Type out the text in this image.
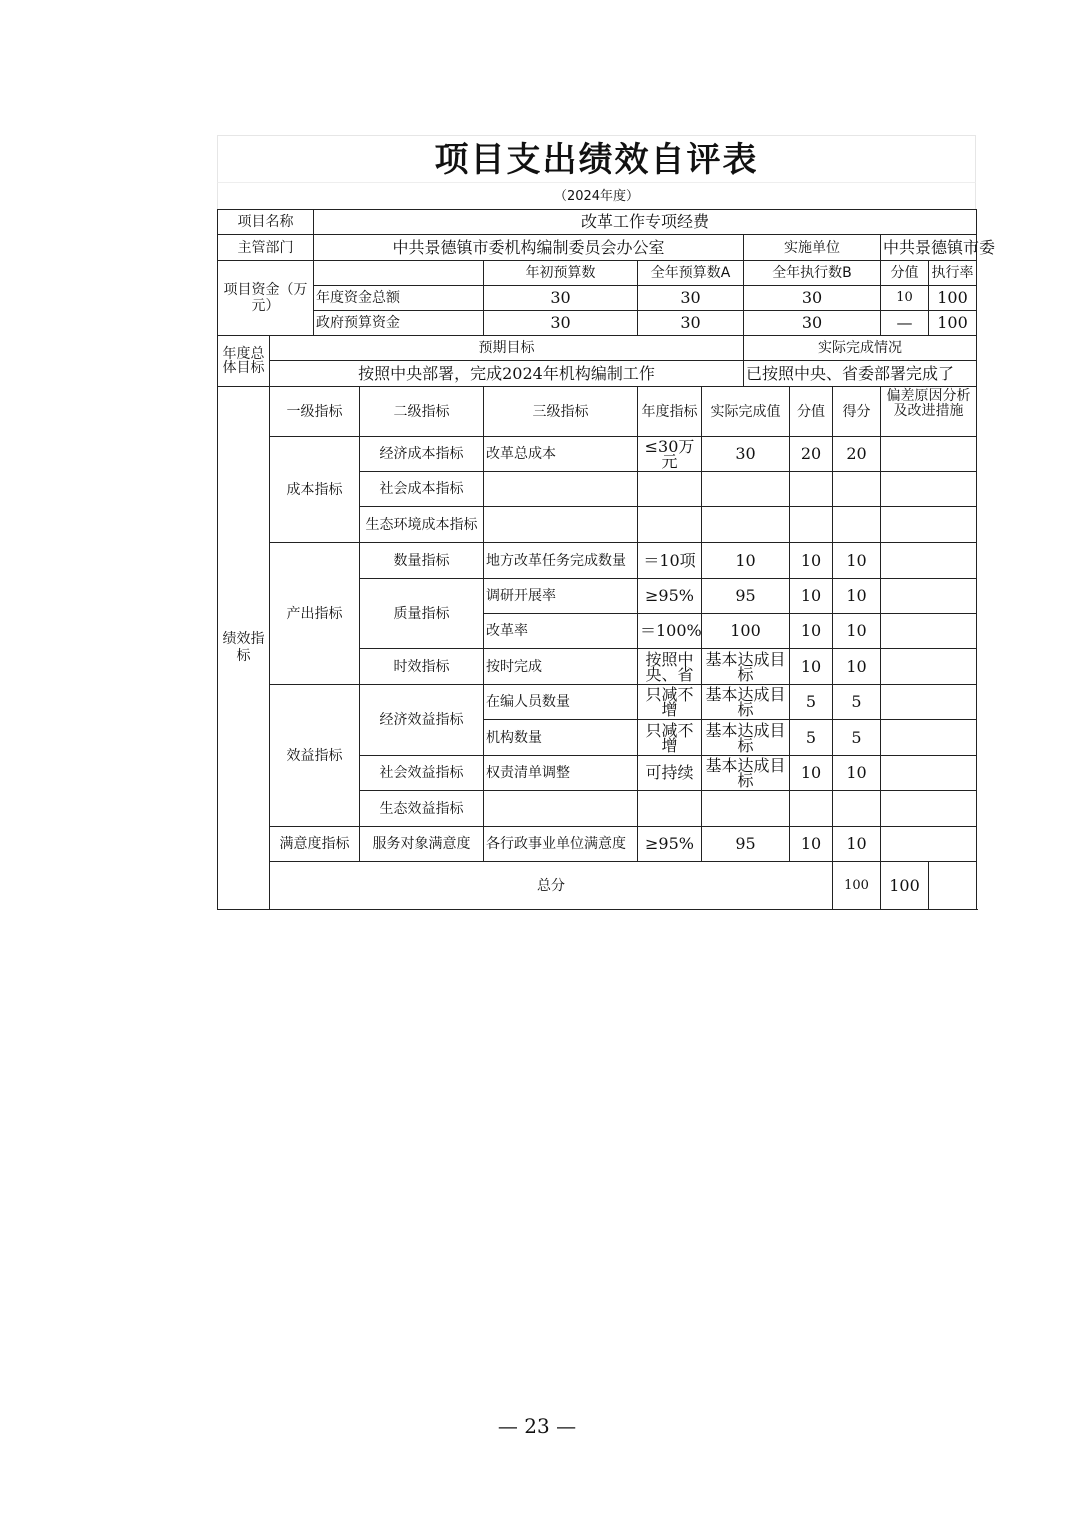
项目支出绩效自评表
（2024年度）
项目名称		改革工作专项经费										
主管部门		中共景德镇市委机构编制委员会办公室					实施单位			中共景德镇市委		
项目资金（万元）				年初预算数	全年预算数A		全年执行数B			分值	执行率	
		年度资金总额		30	30		30			10	100	
		政府预算资金		30	30		30			—	100	
年度总体目标	预期目标						实际完成情况					
	按照中央部署，完成2024年机构编制工作						已按照中央、省委部署完成了					
绩效指标	一级指标		二级指标	三级指标	年度指标	实际完成值		分值	得分	偏差原因分析及改进措施		

	成本指标		经济成本指标	改革总成本	≤30万元	30		20	20			
			社会成本指标									
			生态环境成本指标									
	产出指标		数量指标	地方改革任务完成数量	＝10项	10		10	10			
			质量指标	调研开展率	≥95%	95		10	10			
				改革率	＝100%	100		10	10			
			时效指标	按时完成	按照中央、省	基本达成目标		10	10			
	效益指标		经济效益指标	在编人员数量	只减不增	基本达成目标		5	5			
				机构数量	只减不增	基本达成目标		5	5			
			社会效益指标	权责清单调整	可持续	基本达成目标		10	10			
			生态效益指标									
	满意度指标		服务对象满意度	各行政事业单位满意度	≥95%	95		10	10			
	总分								100	100		
— 23 —
